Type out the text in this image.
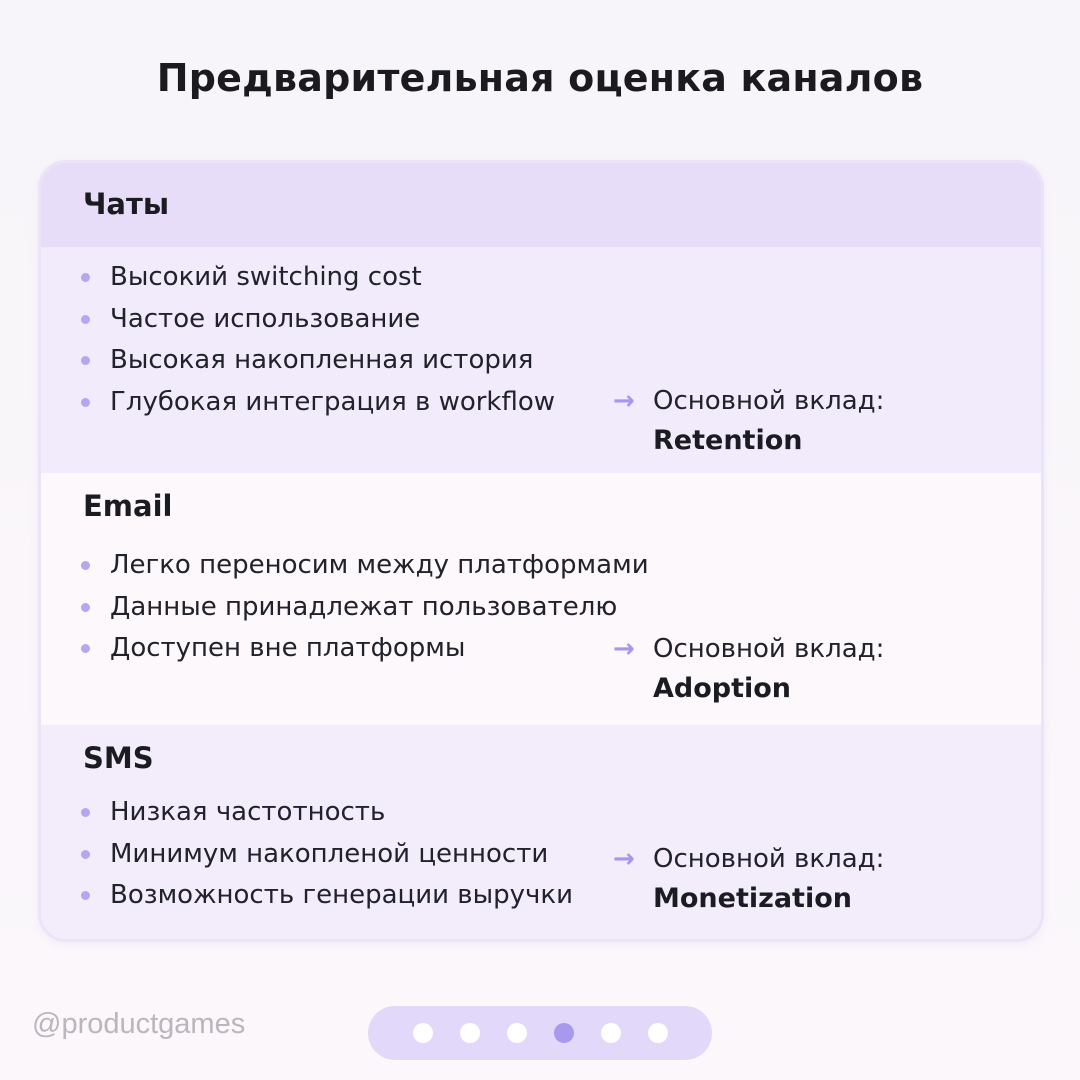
Предварительная оценка каналов
Чаты
Высокий switching cost
Частое использование
Высокая накопленная история
Глубокая интеграция в workflow → Основной вклад:
Retention
Email
Легко переносим между платформами
Данные принадлежат пользователю
Доступен вне платформы	→ Основной вклад:
Adoption
SMS
Низкая частотность
Минимум накопленой ценности
Возможность генерации выручки
→ Основной вклад:
Monetization
@productgames
